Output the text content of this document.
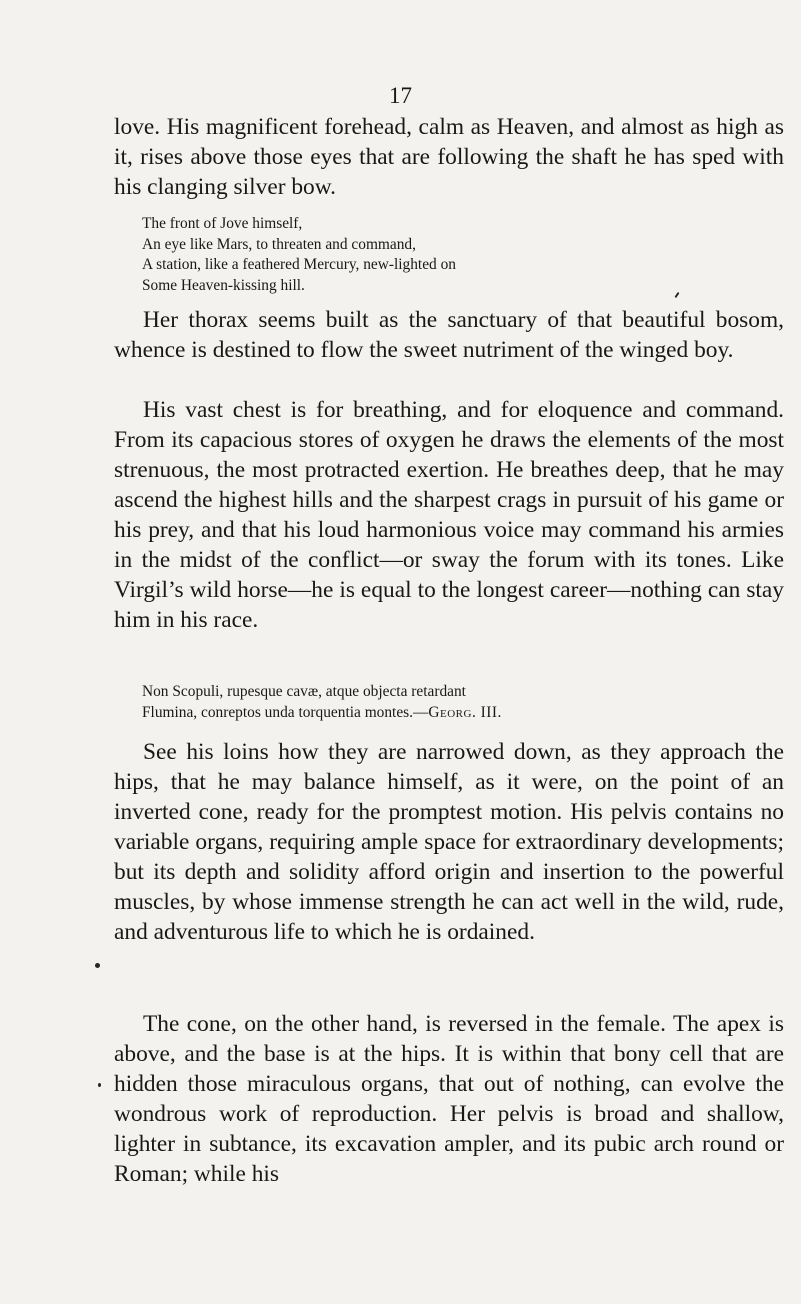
17

love. His magnificent forehead, calm as Heaven, and almost as high as it, rises above those eyes that are following the shaft he has sped with his clanging silver bow.

The front of Jove himself,
An eye like Mars, to threaten and command,
A station, like a feathered Mercury, new-lighted on
Some Heaven-kissing hill.

Her thorax seems built as the sanctuary of that beautiful bosom, whence is destined to flow the sweet nutriment of the winged boy.

His vast chest is for breathing, and for eloquence and command. From its capacious stores of oxygen he draws the elements of the most strenuous, the most protracted exertion. He breathes deep, that he may ascend the highest hills and the sharpest crags in pursuit of his game or his prey, and that his loud harmonious voice may command his armies in the midst of the conflict—or sway the forum with its tones. Like Virgil’s wild horse—he is equal to the longest career—nothing can stay him in his race.

Non Scopuli, rupesque cavæ, atque objecta retardant
Flumina, conreptos unda torquentia montes.—Georg. III.

See his loins how they are narrowed down, as they approach the hips, that he may balance himself, as it were, on the point of an inverted cone, ready for the promptest motion. His pelvis contains no variable organs, requiring ample space for extraordinary developments; but its depth and solidity afford origin and insertion to the powerful muscles, by whose immense strength he can act well in the wild, rude, and adventurous life to which he is ordained.

The cone, on the other hand, is reversed in the female. The apex is above, and the base is at the hips. It is within that bony cell that are hidden those miraculous organs, that out of nothing, can evolve the wondrous work of reproduction. Her pelvis is broad and shallow, lighter in subtance, its excavation ampler, and its pubic arch round or Roman; while his
